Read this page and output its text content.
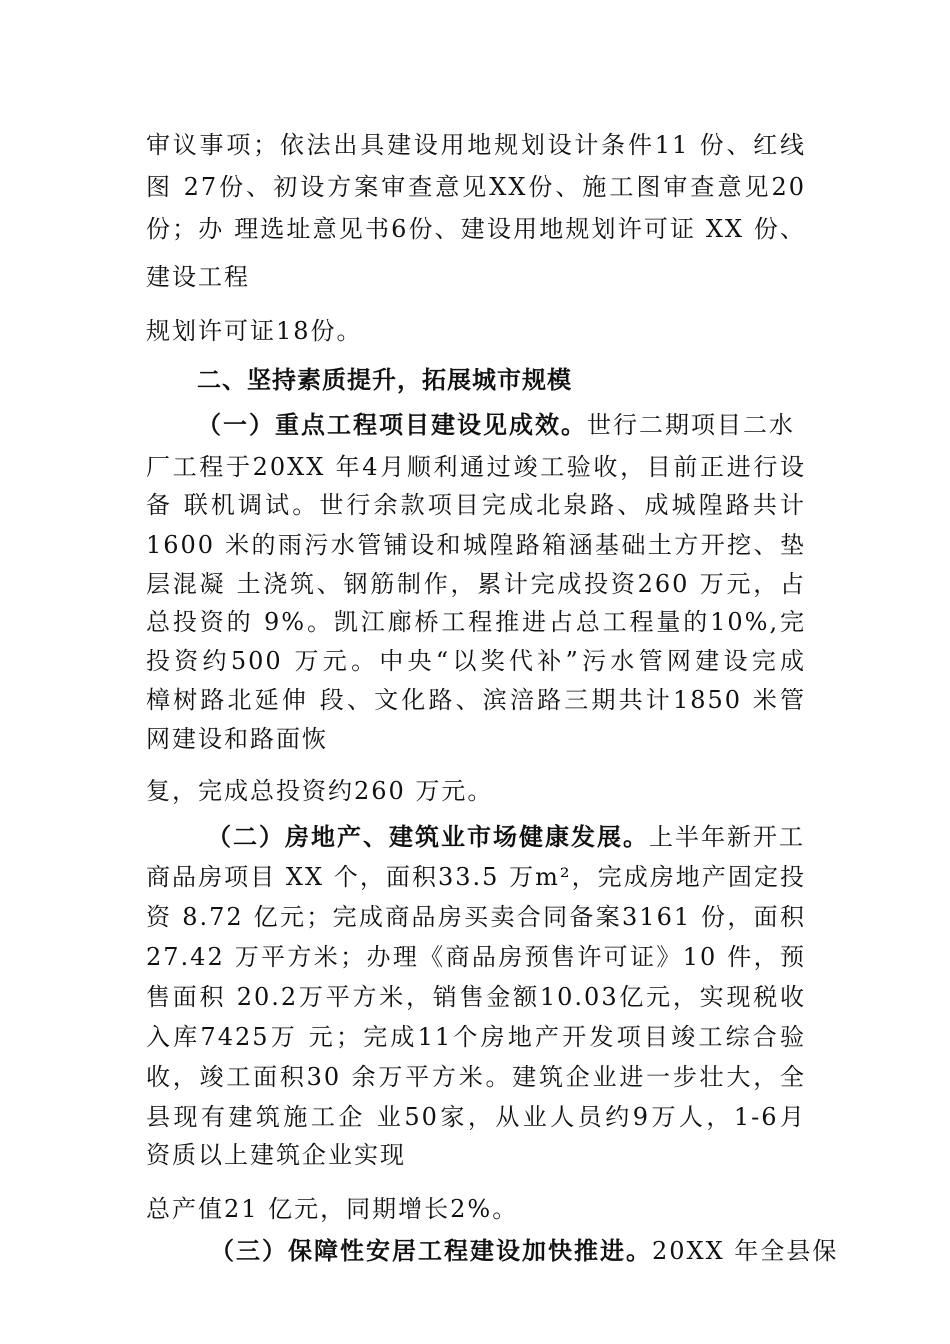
审议事项；依法出具建设用地规划设计条件11 份、红线
图 27份、初设方案审查意见XX份、施工图审查意见20
份；办 理选址意见书6份、建设用地规划许可证 XX 份、
建设工程
规划许可证18份。
二、坚持素质提升，拓展城市规模
（一）重点工程项目建设见成效。世行二期项目二水
厂工程于20XX 年4月顺利通过竣工验收，目前正进行设
备 联机调试。世行余款项目完成北泉路、成城隍路共计
1600 米的雨污水管铺设和城隍路箱涵基础土方开挖、垫
层混凝 土浇筑、钢筋制作，累计完成投资260 万元，占
总投资的 9%。凯江廊桥工程推进占总工程量的10%,完
投资约500 万元。中央“以奖代补”污水管网建设完成
樟树路北延伸 段、文化路、滨涪路三期共计1850 米管
网建设和路面恢
复，完成总投资约260 万元。
（二）房地产、建筑业市场健康发展。上半年新开工
商品房项目 XX 个，面积33.5 万m²，完成房地产固定投
资 8.72 亿元；完成商品房买卖合同备案3161 份，面积
27.42 万平方米；办理《商品房预售许可证》10 件，预
售面积 20.2万平方米，销售金额10.03亿元，实现税收
入库7425万 元；完成11个房地产开发项目竣工综合验
收，竣工面积30 余万平方米。建筑企业进一步壮大，全
县现有建筑施工企 业50家，从业人员约9万人，1-6月
资质以上建筑企业实现
总产值21 亿元，同期增长2%。
（三）保障性安居工程建设加快推进。20XX 年全县保
